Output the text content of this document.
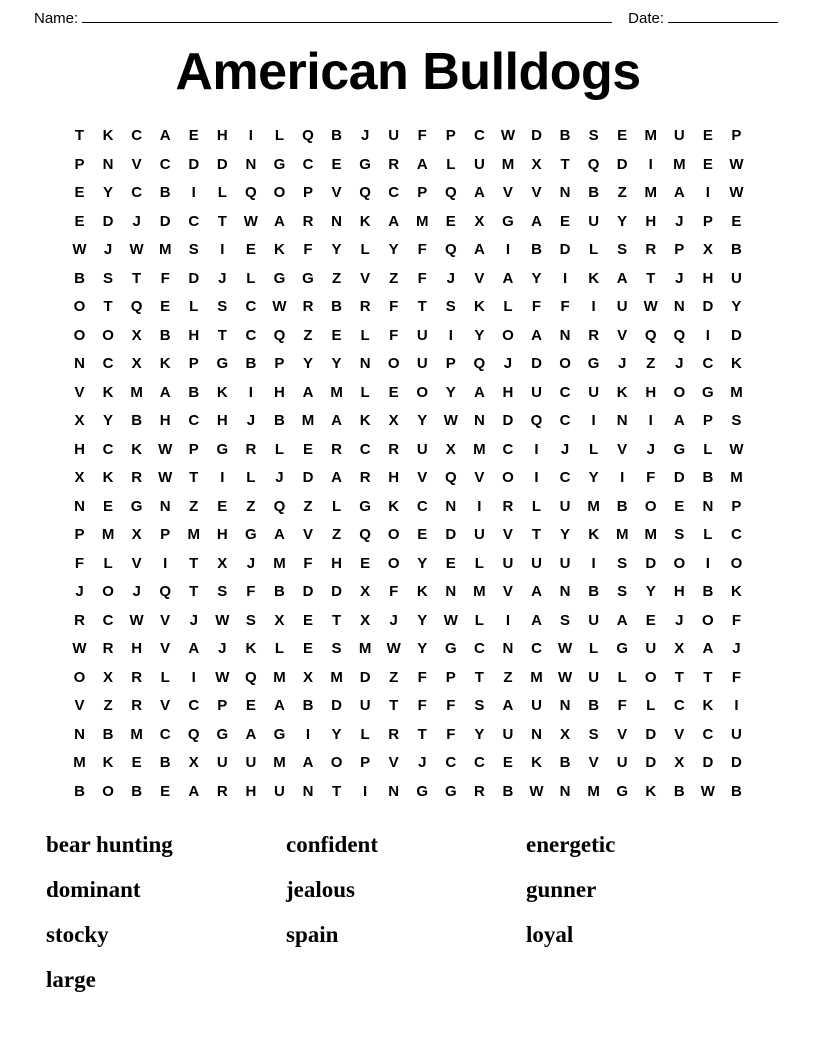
Name:	Date:
American Bulldogs
T	K	C	A	E	H	I	L	Q	B	J	U	F	P	C	W	D	B	S	E	M	U	E	P
P	N	V	C	D	D	N	G	C	E	G	R	A	L	U	M	X	T	Q	D	I	M	E	W
E	Y	C	B	I	L	Q	O	P	V	Q	C	P	Q	A	V	V	N	B	Z	M	A	I	W
E	D	J	D	C	T	W	A	R	N	K	A	M	E	X	G	A	E	U	Y	H	J	P	E
W	J	W	M	S	I	E	K	F	Y	L	Y	F	Q	A	I	B	D	L	S	R	P	X	B
B	S	T	F	D	J	L	G	G	Z	V	Z	F	J	V	A	Y	I	K	A	T	J	H	U
O	T	Q	E	L	S	C	W	R	B	R	F	T	S	K	L	F	F	I	U	W	N	D	Y
O	O	X	B	H	T	C	Q	Z	E	L	F	U	I	Y	O	A	N	R	V	Q	Q	I	D
N	C	X	K	P	G	B	P	Y	Y	N	O	U	P	Q	J	D	O	G	J	Z	J	C	K
V	K	M	A	B	K	I	H	A	M	L	E	O	Y	A	H	U	C	U	K	H	O	G	M
X	Y	B	H	C	H	J	B	M	A	K	X	Y	W	N	D	Q	C	I	N	I	A	P	S
H	C	K	W	P	G	R	L	E	R	C	R	U	X	M	C	I	J	L	V	J	G	L	W
X	K	R	W	T	I	L	J	D	A	R	H	V	Q	V	O	I	C	Y	I	F	D	B	M
N	E	G	N	Z	E	Z	Q	Z	L	G	K	C	N	I	R	L	U	M	B	O	E	N	P
P	M	X	P	M	H	G	A	V	Z	Q	O	E	D	U	V	T	Y	K	M	M	S	L	C
F	L	V	I	T	X	J	M	F	H	E	O	Y	E	L	U	U	U	I	S	D	O	I	O
J	O	J	Q	T	S	F	B	D	D	X	F	K	N	M	V	A	N	B	S	Y	H	B	K
R	C	W	V	J	W	S	X	E	T	X	J	Y	W	L	I	A	S	U	A	E	J	O	F
W	R	H	V	A	J	K	L	E	S	M	W	Y	G	C	N	C	W	L	G	U	X	A	J
O	X	R	L	I	W	Q	M	X	M	D	Z	F	P	T	Z	M	W	U	L	O	T	T	F
V	Z	R	V	C	P	E	A	B	D	U	T	F	F	S	A	U	N	B	F	L	C	K	I
N	B	M	C	Q	G	A	G	I	Y	L	R	T	F	Y	U	N	X	S	V	D	V	C	U
M	K	E	B	X	U	U	M	A	O	P	V	J	C	C	E	K	B	V	U	D	X	D	D
B	O	B	E	A	R	H	U	N	T	I	N	G	G	R	B	W	N	M	G	K	B	W	B
bear hunting	confident	energetic
dominant	jealous	gunner
stocky	spain	loyal
large
